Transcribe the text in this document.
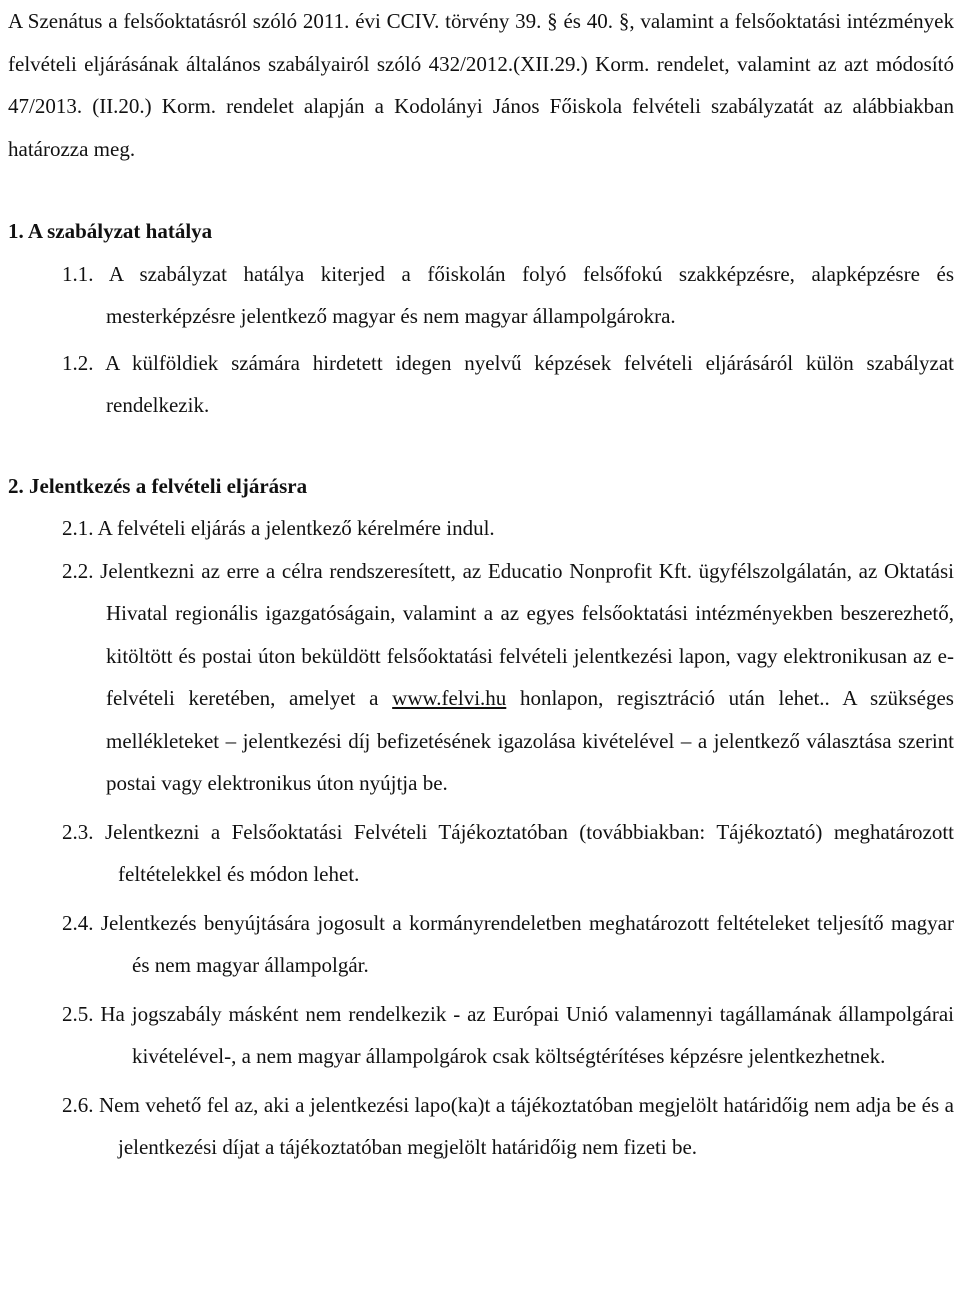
A Szenátus a felsőoktatásról szóló 2011. évi CCIV. törvény 39. § és 40. §, valamint a felsőoktatási intézmények felvételi eljárásának általános szabályairól szóló 432/2012.(XII.29.) Korm. rendelet, valamint az azt módosító 47/2013. (II.20.) Korm. rendelet alapján a Kodolányi János Főiskola felvételi szabályzatát az alábbiakban határozza meg.

1. A szabályzat hatálya

1.1. A szabályzat hatálya kiterjed a főiskolán folyó felsőfokú szakképzésre, alapképzésre és mesterképzésre jelentkező magyar és nem magyar állampolgárokra.

1.2. A külföldiek számára hirdetett idegen nyelvű képzések felvételi eljárásáról külön szabályzat rendelkezik.

2. Jelentkezés a felvételi eljárásra

2.1. A felvételi eljárás a jelentkező kérelmére indul.

2.2. Jelentkezni az erre a célra rendszeresített, az Educatio Nonprofit Kft. ügyfélszolgálatán, az Oktatási Hivatal regionális igazgatóságain, valamint a az egyes felsőoktatási intézményekben beszerezhető, kitöltött és postai úton beküldött felsőoktatási felvételi jelentkezési lapon, vagy elektronikusan az e-felvételi keretében, amelyet a www.felvi.hu honlapon, regisztráció után lehet.. A szükséges mellékleteket – jelentkezési díj befizetésének igazolása kivételével – a jelentkező választása szerint postai vagy elektronikus úton nyújtja be.

2.3. Jelentkezni a Felsőoktatási Felvételi Tájékoztatóban (továbbiakban: Tájékoztató) meghatározott feltételekkel és módon lehet.

2.4. Jelentkezés benyújtására jogosult a kormányrendeletben meghatározott feltételeket teljesítő magyar és nem magyar állampolgár.

2.5. Ha jogszabály másként nem rendelkezik - az Európai Unió valamennyi tagállamának állampolgárai kivételével-, a nem magyar állampolgárok csak költségtérítéses képzésre jelentkezhetnek.

2.6. Nem vehető fel az, aki a jelentkezési lapo(ka)t a tájékoztatóban megjelölt határidőig nem adja be és a jelentkezési díjat a tájékoztatóban megjelölt határidőig nem fizeti be.
